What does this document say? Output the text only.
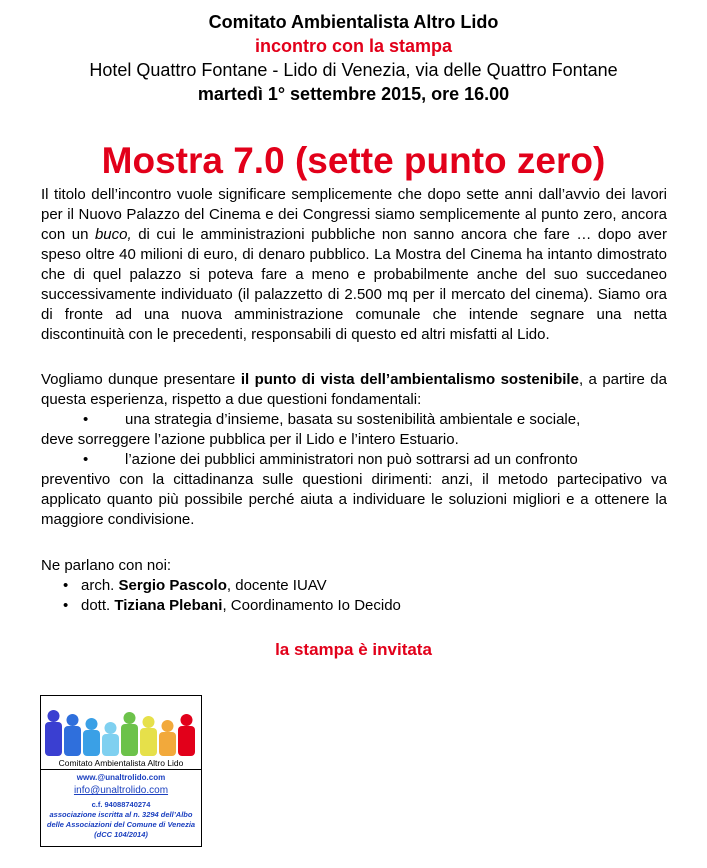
Comitato Ambientalista Altro Lido
incontro con la stampa
Hotel Quattro Fontane - Lido di Venezia, via delle Quattro Fontane
martedì 1° settembre 2015, ore 16.00
Mostra 7.0 (sette punto zero)
Il titolo dell’incontro vuole significare semplicemente che dopo sette anni dall’avvio dei lavori per il Nuovo Palazzo del Cinema e dei Congressi siamo semplicemente al punto zero, ancora con un buco, di cui le amministrazioni pubbliche non sanno ancora che fare … dopo aver speso oltre 40 milioni di euro, di denaro pubblico. La Mostra del Cinema ha intanto dimostrato che di quel palazzo si poteva fare a meno e probabilmente anche del suo succedaneo successivamente individuato (il palazzetto di 2.500 mq per il mercato del cinema). Siamo ora di fronte ad una nuova amministrazione comunale che intende segnare una netta discontinuità con le precedenti, responsabili di questo ed altri misfatti al Lido.
Vogliamo dunque presentare il punto di vista dell’ambientalismo sostenibile, a partire da questa esperienza, rispetto a due questioni fondamentali:
•	una strategia d’insieme, basata su sostenibilità ambientale e sociale,
deve sorreggere l’azione pubblica per il Lido e l’intero Estuario.
•	l’azione dei pubblici amministratori non può sottrarsi ad un confronto
preventivo con la cittadinanza sulle questioni dirimenti: anzi, il metodo partecipativo va applicato quanto più possibile perché aiuta a individuare le soluzioni migliori e a ottenere la maggiore condivisione.
Ne parlano con noi:
• arch. Sergio Pascolo, docente IUAV
• dott. Tiziana Plebani, Coordinamento Io Decido
la stampa è invitata
Comitato Ambientalista Altro Lido
www.@unaltrolido.com
info@unaltrolido.com
c.f. 94088740274
associazione iscritta al n. 3294 dell’Albo delle Associazioni del Comune di Venezia (dCC 104/2014)
